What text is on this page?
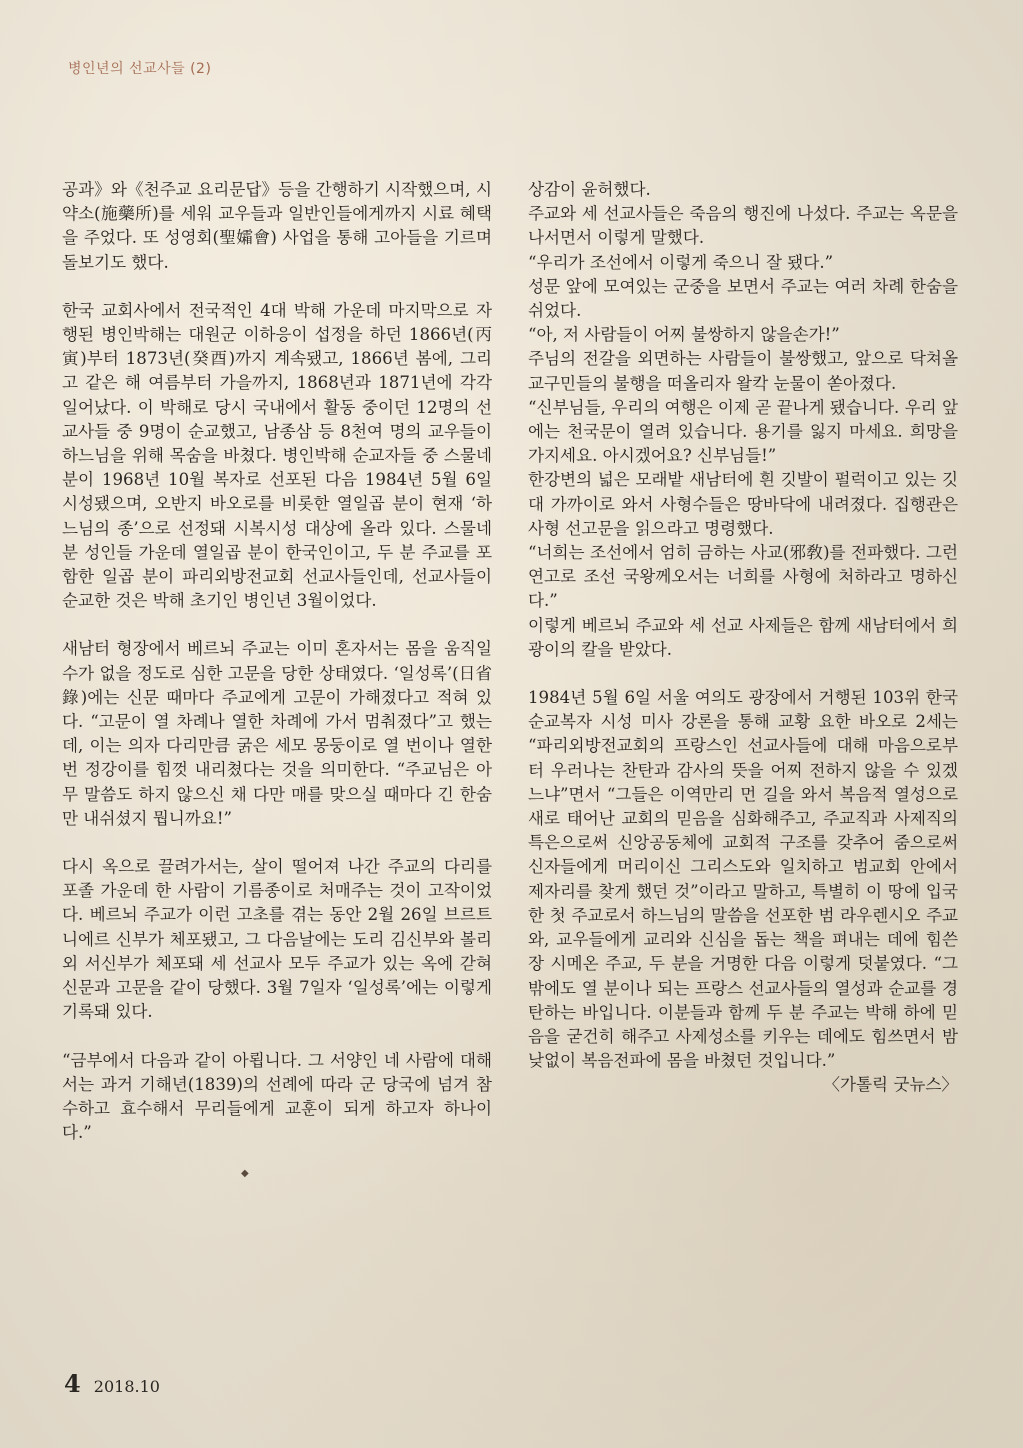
병인년의 선교사들 (2)

공과》와《천주교 요리문답》등을 간행하기 시작했으며, 시약소(施藥所)를 세워 교우들과 일반인들에게까지 시료 혜택을 주었다. 또 성영회(聖孀會) 사업을 통해 고아들을 기르며 돌보기도 했다.

한국 교회사에서 전국적인 4대 박해 가운데 마지막으로 자행된 병인박해는 대원군 이하응이 섭정을 하던 1866년(丙寅)부터 1873년(癸酉)까지 계속됐고, 1866년 봄에, 그리고 같은 해 여름부터 가을까지, 1868년과 1871년에 각각 일어났다. 이 박해로 당시 국내에서 활동 중이던 12명의 선교사들 중 9명이 순교했고, 남종삼 등 8천여 명의 교우들이 하느님을 위해 목숨을 바쳤다. 병인박해 순교자들 중 스물네 분이 1968년 10월 복자로 선포된 다음 1984년 5월 6일 시성됐으며, 오반지 바오로를 비롯한 열일곱 분이 현재 ‘하느님의 종’으로 선정돼 시복시성 대상에 올라 있다. 스물네 분 성인들 가운데 열일곱 분이 한국인이고, 두 분 주교를 포함한 일곱 분이 파리외방전교회 선교사들인데, 선교사들이 순교한 것은 박해 초기인 병인년 3월이었다.

새남터 형장에서 베르뇌 주교는 이미 혼자서는 몸을 움직일 수가 없을 정도로 심한 고문을 당한 상태였다. ‘일성록’(日省錄)에는 신문 때마다 주교에게 고문이 가해졌다고 적혀 있다. “고문이 열 차례나 열한 차례에 가서 멈춰졌다”고 했는데, 이는 의자 다리만큼 굵은 세모 몽둥이로 열 번이나 열한 번 정강이를 힘껏 내리쳤다는 것을 의미한다. “주교님은 아무 말씀도 하지 않으신 채 다만 매를 맞으실 때마다 긴 한숨만 내쉬셨지 뭡니까요!”

다시 옥으로 끌려가서는, 살이 떨어져 나간 주교의 다리를 포졸 가운데 한 사람이 기름종이로 처매주는 것이 고작이었다. 베르뇌 주교가 이런 고초를 겪는 동안 2월 26일 브르트니에르 신부가 체포됐고, 그 다음날에는 도리 김신부와 볼리외 서신부가 체포돼 세 선교사 모두 주교가 있는 옥에 갇혀 신문과 고문을 같이 당했다. 3월 7일자 ‘일성록’에는 이렇게 기록돼 있다.

“금부에서 다음과 같이 아룁니다. 그 서양인 네 사람에 대해서는 과거 기해년(1839)의 선례에 따라 군 당국에 넘겨 참수하고 효수해서 무리들에게 교훈이 되게 하고자 하나이다.”

◆

상감이 윤허했다.

주교와 세 선교사들은 죽음의 행진에 나섰다. 주교는 옥문을 나서면서 이렇게 말했다.

“우리가 조선에서 이렇게 죽으니 잘 됐다.”

성문 앞에 모여있는 군중을 보면서 주교는 여러 차례 한숨을 쉬었다.

“아, 저 사람들이 어찌 불쌍하지 않을손가!”

주님의 전갈을 외면하는 사람들이 불쌍했고, 앞으로 닥쳐올 교구민들의 불행을 떠올리자 왈칵 눈물이 쏟아졌다.

“신부님들, 우리의 여행은 이제 곧 끝나게 됐습니다. 우리 앞에는 천국문이 열려 있습니다. 용기를 잃지 마세요. 희망을 가지세요. 아시겠어요? 신부님들!”

한강변의 넓은 모래밭 새남터에 흰 깃발이 펄럭이고 있는 깃대 가까이로 와서 사형수들은 땅바닥에 내려졌다. 집행관은 사형 선고문을 읽으라고 명령했다.

“너희는 조선에서 엄히 금하는 사교(邪敎)를 전파했다. 그런 연고로 조선 국왕께오서는 너희를 사형에 처하라고 명하신다.”

이렇게 베르뇌 주교와 세 선교 사제들은 함께 새남터에서 희광이의 칼을 받았다.

1984년 5월 6일 서울 여의도 광장에서 거행된 103위 한국 순교복자 시성 미사 강론을 통해 교황 요한 바오로 2세는 “파리외방전교회의 프랑스인 선교사들에 대해 마음으로부터 우러나는 찬탄과 감사의 뜻을 어찌 전하지 않을 수 있겠느냐”면서 “그들은 이역만리 먼 길을 와서 복음적 열성으로 새로 태어난 교회의 믿음을 심화해주고, 주교직과 사제직의 특은으로써 신앙공동체에 교회적 구조를 갖추어 줌으로써 신자들에게 머리이신 그리스도와 일치하고 범교회 안에서 제자리를 찾게 했던 것”이라고 말하고, 특별히 이 땅에 입국한 첫 주교로서 하느님의 말씀을 선포한 범 라우렌시오 주교와, 교우들에게 교리와 신심을 돕는 책을 펴내는 데에 힘쓴 장 시메온 주교, 두 분을 거명한 다음 이렇게 덧붙였다. “그밖에도 열 분이나 되는 프랑스 선교사들의 열성과 순교를 경탄하는 바입니다. 이분들과 함께 두 분 주교는 박해 하에 믿음을 굳건히 해주고 사제성소를 키우는 데에도 힘쓰면서 밤낮없이 복음전파에 몸을 바쳤던 것입니다.”

〈가톨릭 굿뉴스〉

4 2018.10
